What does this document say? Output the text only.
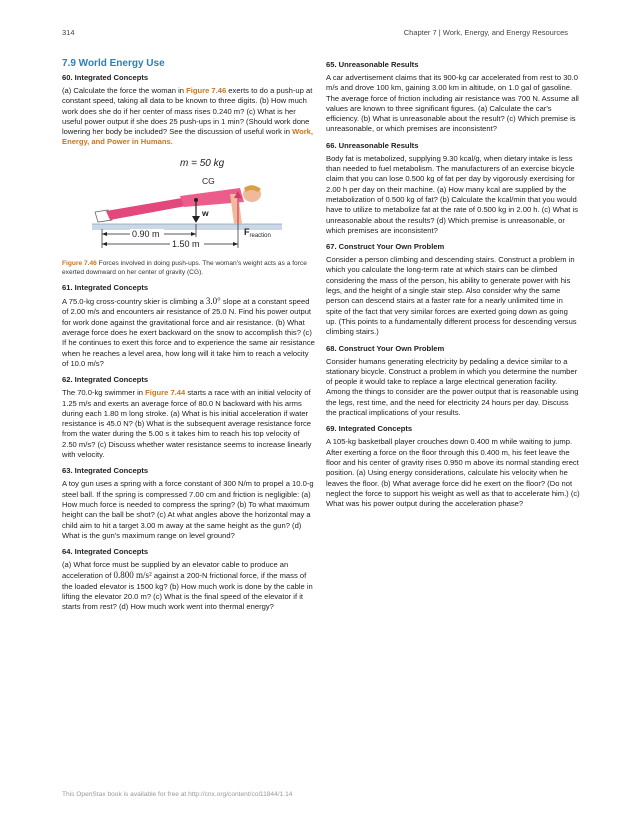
314	Chapter 7 | Work, Energy, and Energy Resources
7.9 World Energy Use
60. Integrated Concepts

(a) Calculate the force the woman in Figure 7.46 exerts to do a push-up at constant speed, taking all data to be known to three digits. (b) How much work does she do if her center of mass rises 0.240 m? (c) What is her useful power output if she does 25 push-ups in 1 min? (Should work done lowering her body be included? See the discussion of useful work in Work, Energy, and Power in Humans.

m = 50 kg
CG
w
$F_{reaction}$
0.90 m
1.50 m

Figure 7.46 Forces involved in doing push-ups. The woman's weight acts as a force exerted downward on her center of gravity (CG).

61. Integrated Concepts

A 75.0-kg cross-country skier is climbing a 3.0° slope at a constant speed of 2.00 m/s and encounters air resistance of 25.0 N. Find his power output for work done against the gravitational force and air resistance. (b) What average force does he exert backward on the snow to accomplish this? (c) If he continues to exert this force and to experience the same air resistance when he reaches a level area, how long will it take him to reach a velocity of 10.0 m/s?

62. Integrated Concepts

The 70.0-kg swimmer in Figure 7.44 starts a race with an initial velocity of 1.25 m/s and exerts an average force of 80.0 N backward with his arms during each 1.80 m long stroke. (a) What is his initial acceleration if water resistance is 45.0 N? (b) What is the subsequent average resistance force from the water during the 5.00 s it takes him to reach his top velocity of 2.50 m/s? (c) Discuss whether water resistance seems to increase linearly with velocity.

63. Integrated Concepts

A toy gun uses a spring with a force constant of 300 N/m to propel a 10.0-g steel ball. If the spring is compressed 7.00 cm and friction is negligible: (a) How much force is needed to compress the spring? (b) To what maximum height can the ball be shot? (c) At what angles above the horizontal may a child aim to hit a target 3.00 m away at the same height as the gun? (d) What is the gun's maximum range on level ground?

64. Integrated Concepts

(a) What force must be supplied by an elevator cable to produce an acceleration of 0.800 m/s² against a 200-N frictional force, if the mass of the loaded elevator is 1500 kg? (b) How much work is done by the cable in lifting the elevator 20.0 m? (c) What is the final speed of the elevator if it starts from rest? (d) How much work went into thermal energy?

65. Unreasonable Results

A car advertisement claims that its 900-kg car accelerated from rest to 30.0 m/s and drove 100 km, gaining 3.00 km in altitude, on 1.0 gal of gasoline. The average force of friction including air resistance was 700 N. Assume all values are known to three significant figures. (a) Calculate the car's efficiency. (b) What is unreasonable about the result? (c) Which premise is unreasonable, or which premises are inconsistent?

66. Unreasonable Results

Body fat is metabolized, supplying 9.30 kcal/g, when dietary intake is less than needed to fuel metabolism. The manufacturers of an exercise bicycle claim that you can lose 0.500 kg of fat per day by vigorously exercising for 2.00 h per day on their machine. (a) How many kcal are supplied by the metabolization of 0.500 kg of fat? (b) Calculate the kcal/min that you would have to utilize to metabolize fat at the rate of 0.500 kg in 2.00 h. (c) What is unreasonable about the results? (d) Which premise is unreasonable, or which premises are inconsistent?

67. Construct Your Own Problem

Consider a person climbing and descending stairs. Construct a problem in which you calculate the long-term rate at which stairs can be climbed considering the mass of the person, his ability to generate power with his legs, and the height of a single stair step. Also consider why the same person can descend stairs at a faster rate for a nearly unlimited time in spite of the fact that very similar forces are exerted going down as going up. (This points to a fundamentally different process for descending versus climbing stairs.)

68. Construct Your Own Problem

Consider humans generating electricity by pedaling a device similar to a stationary bicycle. Construct a problem in which you determine the number of people it would take to replace a large electrical generation facility. Among the things to consider are the power output that is reasonable using the legs, rest time, and the need for electricity 24 hours per day. Discuss the practical implications of your results.

69. Integrated Concepts

A 105-kg basketball player crouches down 0.400 m while waiting to jump. After exerting a force on the floor through this 0.400 m, his feet leave the floor and his center of gravity rises 0.950 m above its normal standing erect position. (a) Using energy considerations, calculate his velocity when he leaves the floor. (b) What average force did he exert on the floor? (Do not neglect the force to support his weight as well as that to accelerate him.) (c) What was his power output during the acceleration phase?

This OpenStax book is available for free at http://cnx.org/content/col11844/1.14
